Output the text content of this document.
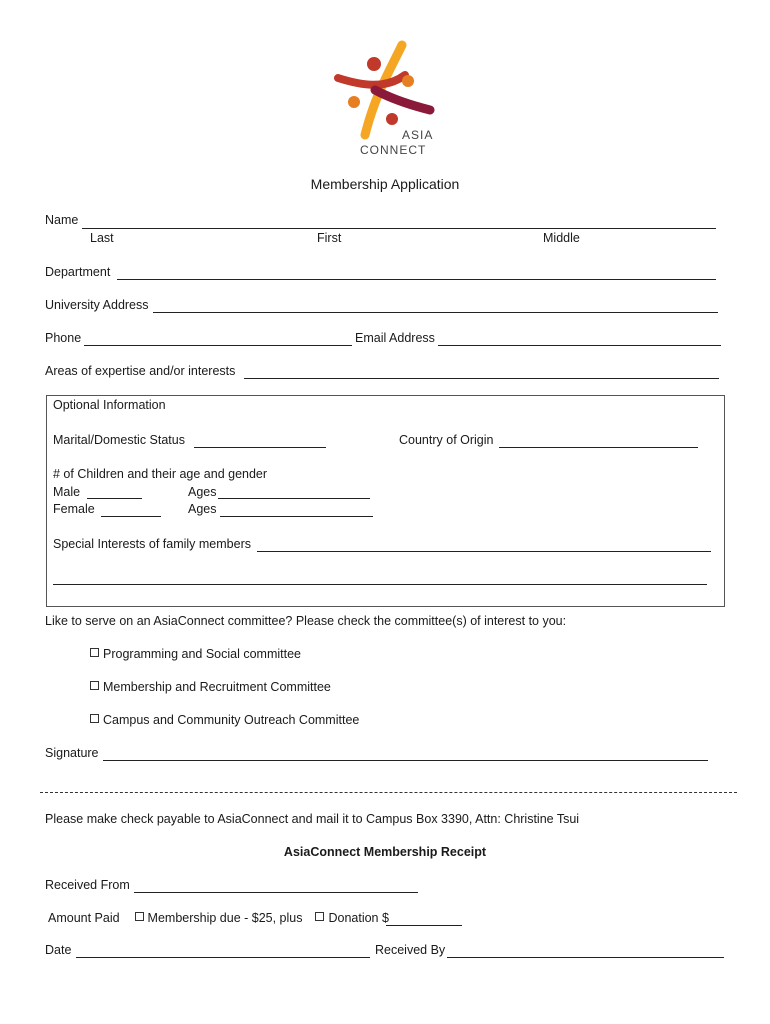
ASIA
CONNECT
Membership Application
Name
Last	First	Middle
Department
University Address
Phone	Email Address
Areas of expertise and/or interests
Optional Information
Marital/Domestic Status	Country of Origin
# of Children and their age and gender
Male	Ages
Female	Ages
Special Interests of family members
Like to serve on an AsiaConnect committee? Please check the committee(s) of interest to you:
Programming and Social committee
Membership and Recruitment Committee
Campus and Community Outreach Committee
Signature
Please make check payable to AsiaConnect and mail it to Campus Box 3390, Attn: Christine Tsui
AsiaConnect Membership Receipt
Received From
Amount Paid Membership due - $25, plus Donation $
Date	Received By
